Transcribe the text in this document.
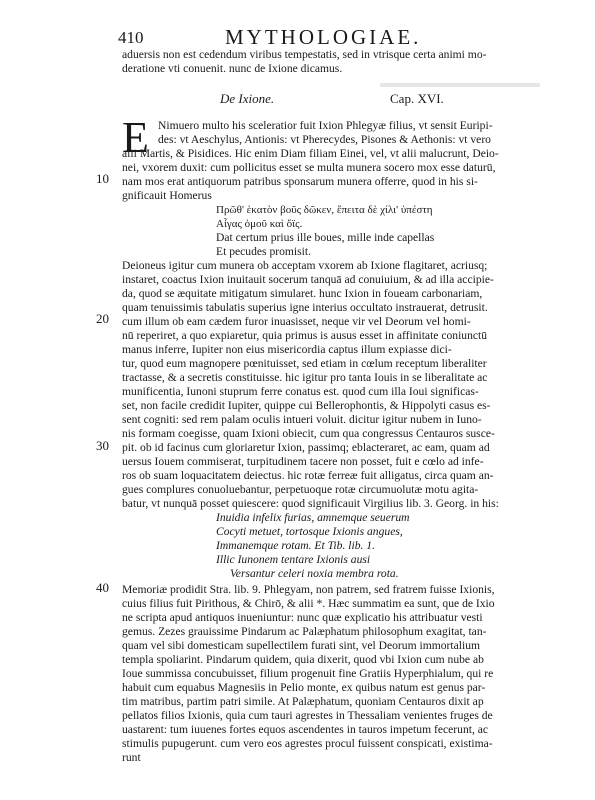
410	MYTHOLOGIAE.
aduersis non est cedendum viribus tempestatis, sed in vtrisque certa animi mo-
deratione vti conuenit. nunc de Ixione dicamus.
De Ixione.	Cap. XVI.
E Nimuero multo his sceleratior fuit Ixion Phlegyæ filius, vt sensit Euripi-
des: vt Aeschylus, Antionis: vt Pherecydes, Pisones & Aethonis: vt vero
alii Martis, & Pisidices. Hic enim Diam filiam Einei, vel, vt alii malucrunt, Deio-
nei, vxorem duxit: cum pollicitus esset se multa munera socero mox esse daturū,
nam mos erat antiquorum patribus sponsarum munera offerre, quod in his si-
gnificauit Homerus
Πρῶθ' ἑκατὸν βοῦς δῶκεν, ἔπειτα δὲ χίλι' ὑπέστη
Αἶγας ὁμοῦ καὶ ὄϊς.
Dat certum prius ille boues, mille inde capellas
Et pecudes promisit.
Deioneus igitur cum munera ob acceptam vxorem ab Ixione flagitaret, acriusq;
instaret, coactus Ixion inuitauit socerum tanquā ad conuiuium, & ad illa accipie-
da, quod se æquitate mitigatum simularet. hunc Ixion in foueam carbonariam,
quam tenuissimis tabulatis superius igne interius occultato instrauerat, detrusit.
cum illum ob eam cædem furor inuasisset, neque vir vel Deorum vel homi-
nū reperiret, a quo expiaretur, quia primus is ausus esset in affinitate coniunctū
manus inferre, Iupiter non eius misericordia captus illum expiasse dici-
tur, quod eum magnopere pœnituisset, sed etiam in cœlum receptum liberaliter
tractasse, & a secretis constituisse. hic igitur pro tanta Iouis in se liberalitate ac
munificentia, Iunoni stuprum ferre conatus est. quod cum illa Ioui significas-
set, non facile credidit Iupiter, quippe cui Bellerophontis, & Hippolyti casus es-
sent cogniti: sed rem palam oculis intueri voluit. dicitur igitur nubem in Iuno-
nis formam coegisse, quam Ixioni obiecit, cum qua congressus Centauros susce-
pit. ob id facinus cum gloriaretur Ixion, passimq; eblacteraret, ac eam, quam ad
uersus Iouem commiserat, turpitudinem tacere non posset, fuit e cœlo ad infe-
ros ob suam loquacitatem deiectus. hic rotæ ferreæ fuit alligatus, circa quam an-
gues complures conuoluebantur, perpetuoque rotæ circumuolutæ motu agita-
batur, vt nunquā posset quiescere: quod significauit Virgilius lib. 3. Georg. in his:
Inuidia infelix furias, amnemque seuerum
Cocyti metuet, tortosque Ixionis angues,
Immanemque rotam. Et Tib. lib. 1.
Illic Iunonem tentare Ixionis ausi
Versantur celeri noxia membra rota.
Memoriæ prodidit Stra. lib. 9. Phlegyam, non patrem, sed fratrem fuisse Ixionis,
cuius filius fuit Pirithous, & Chirō, & alii *. Hæc summatim ea sunt, que de Ixio
ne scripta apud antiquos inueniuntur: nunc quæ explicatio his attribuatur vesti
gemus. Zezes grauissime Pindarum ac Palæphatum philosophum exagitat, tan-
quam vel sibi domesticam supellectilem furati sint, vel Deorum immortalium
templa spoliarint. Pindarum quidem, quia dixerit, quod vbi Ixion cum nube ab
Ioue summissa concubuisset, filium progenuit fine Gratiis Hyperphialum, qui re
habuit cum equabus Magnesiis in Pelio monte, ex quibus natum est genus par-
tim matribus, partim patri simile. At Palæphatum, quoniam Centauros dixit ap
pellatos filios Ixionis, quia cum tauri agrestes in Thessaliam venientes fruges de
uastarent: tum iuuenes fortes equos ascendentes in tauros impetum fecerunt, ac
stimulis pupugerunt. cum vero eos agrestes procul fuissent conspicati, existima-
runt
10
20
30
40
